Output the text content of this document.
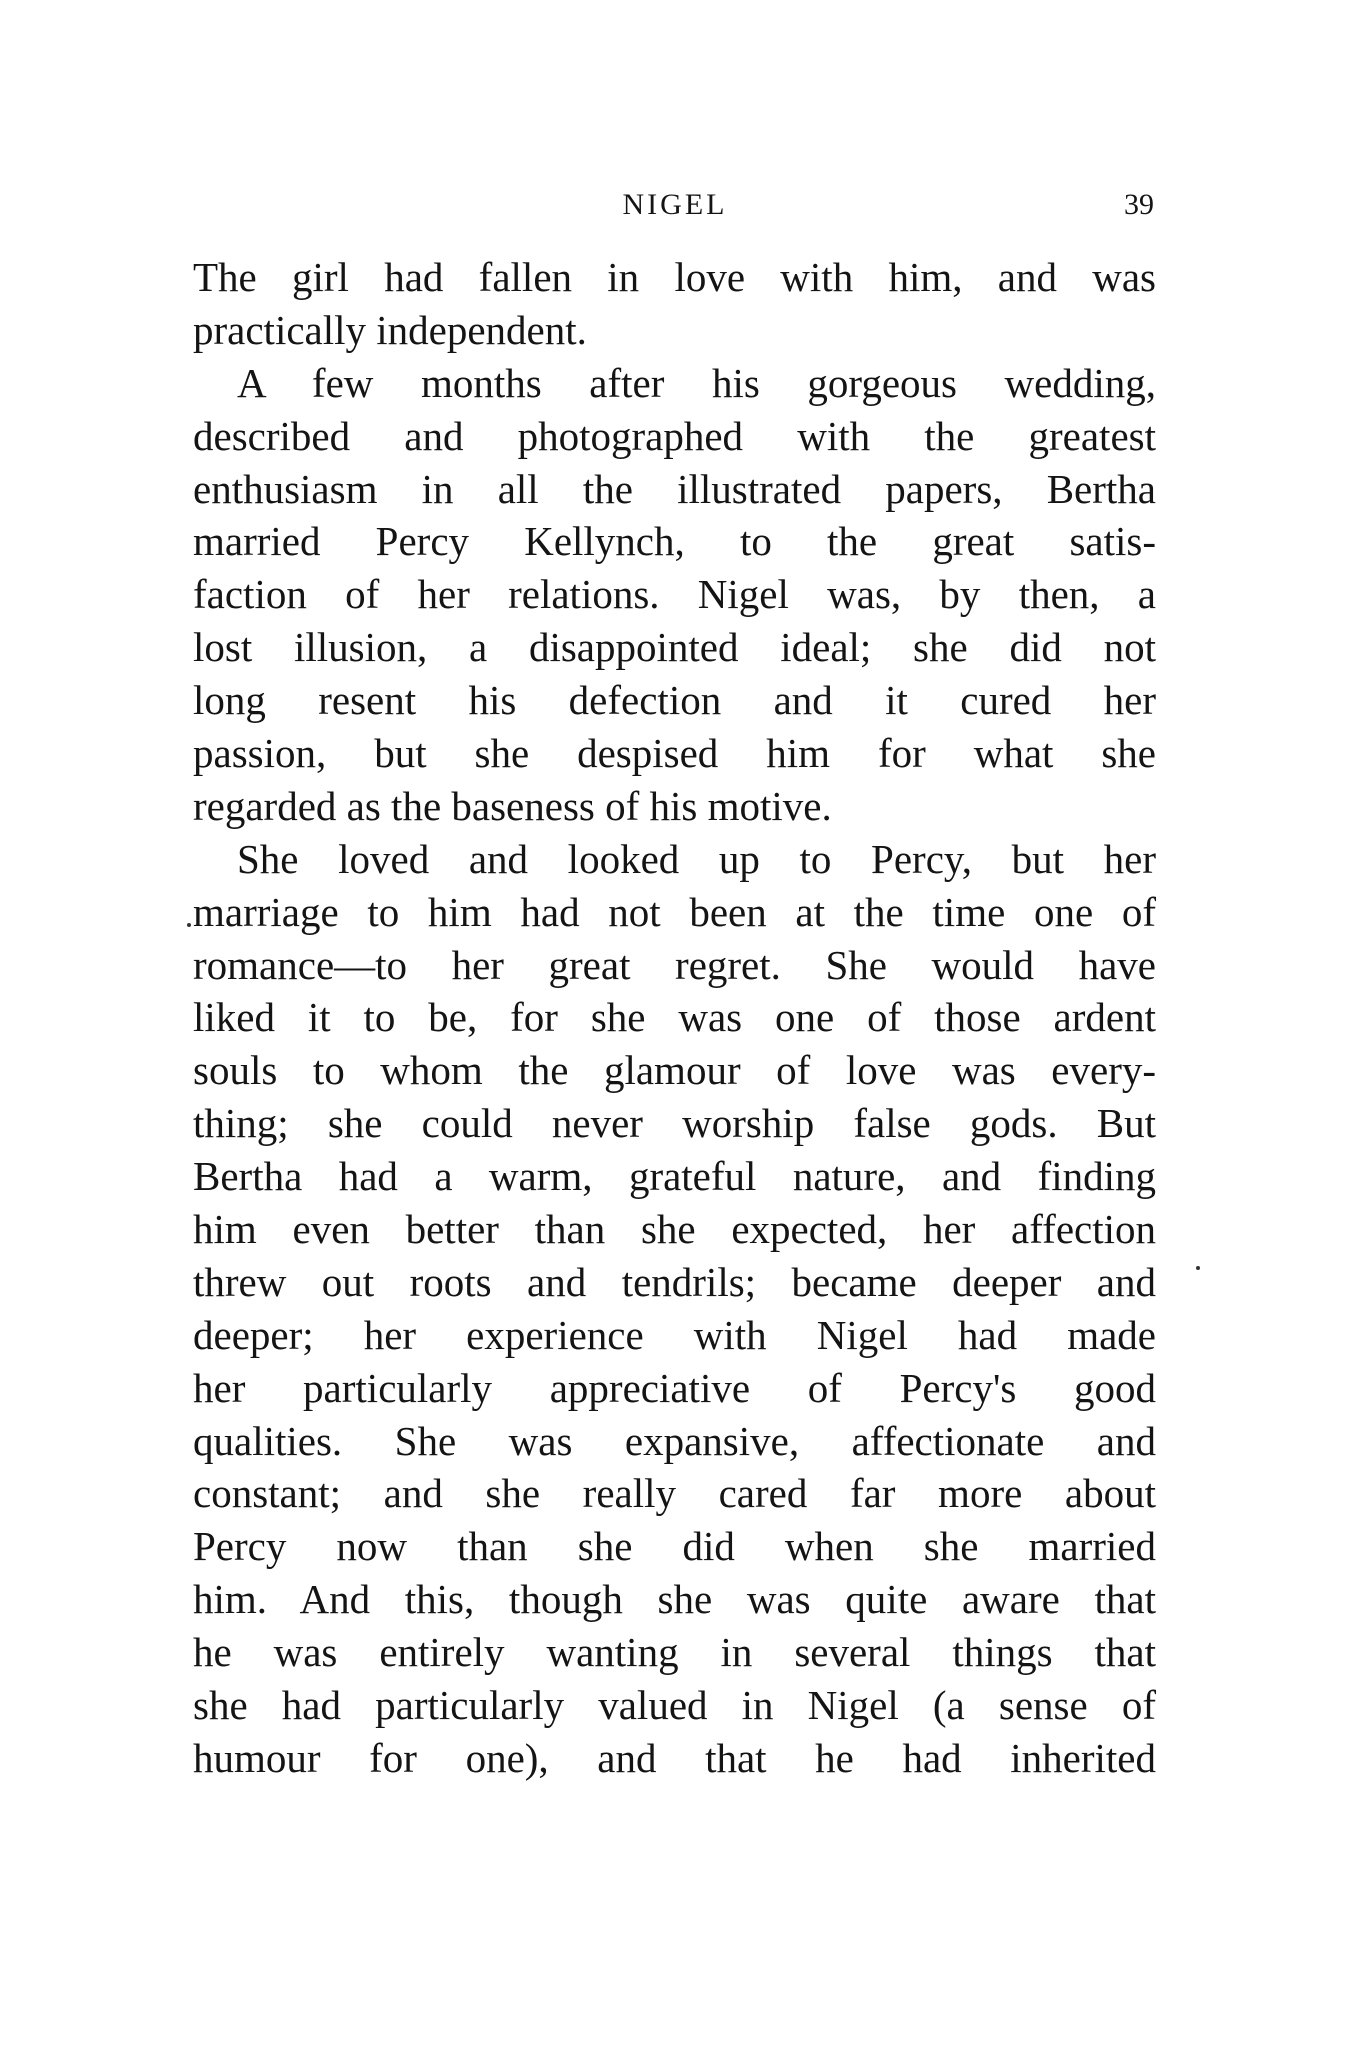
NIGEL	39
The girl had fallen in love with him, and was
practically independent.
A few months after his gorgeous wedding,
described and photographed with the greatest
enthusiasm in all the illustrated papers, Bertha
married Percy Kellynch, to the great satis-
faction of her relations. Nigel was, by then, a
lost illusion, a disappointed ideal; she did not
long resent his defection and it cured her
passion, but she despised him for what she
regarded as the baseness of his motive.
She loved and looked up to Percy, but her
marriage to him had not been at the time one of
romance—to her great regret. She would have
liked it to be, for she was one of those ardent
souls to whom the glamour of love was every-
thing; she could never worship false gods. But
Bertha had a warm, grateful nature, and finding
him even better than she expected, her affection
threw out roots and tendrils; became deeper and
deeper; her experience with Nigel had made
her particularly appreciative of Percy's good
qualities. She was expansive, affectionate and
constant; and she really cared far more about
Percy now than she did when she married
him. And this, though she was quite aware that
he was entirely wanting in several things that
she had particularly valued in Nigel (a sense of
humour for one), and that he had inherited
